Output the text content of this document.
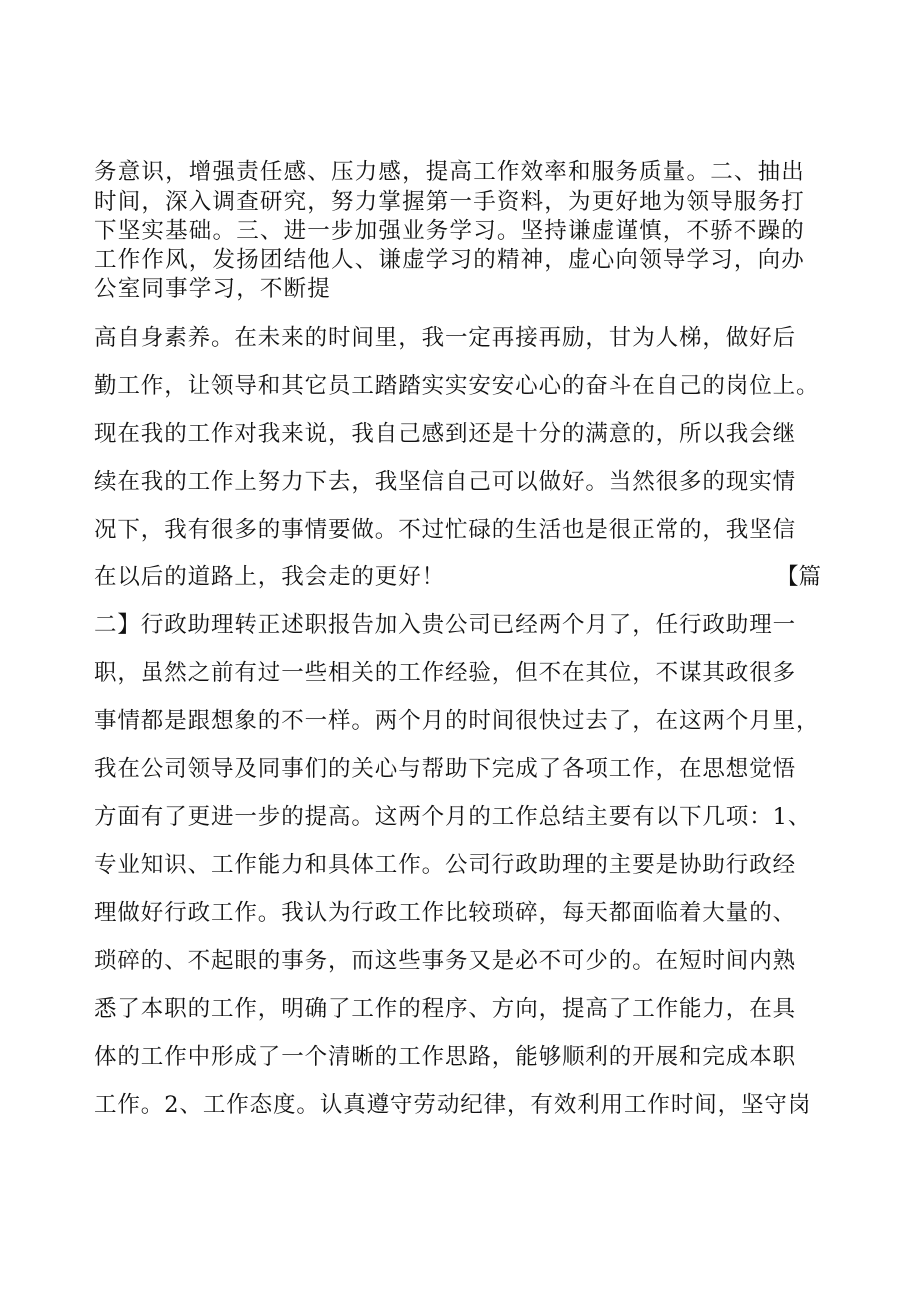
务意识，增强责任感、压力感，提高工作效率和服务质量。二、抽出
时间，深入调查研究，努力掌握第一手资料，为更好地为领导服务打
下坚实基础。三、进一步加强业务学习。坚持谦虚谨慎，不骄不躁的
工作作风，发扬团结他人、谦虚学习的精神，虚心向领导学习，向办
公室同事学习，不断提
高自身素养。在未来的时间里，我一定再接再励，甘为人梯，做好后
勤工作，让领导和其它员工踏踏实实安安心心的奋斗在自己的岗位上。
现在我的工作对我来说，我自己感到还是十分的满意的，所以我会继
续在我的工作上努力下去，我坚信自己可以做好。当然很多的现实情
况下，我有很多的事情要做。不过忙碌的生活也是很正常的，我坚信
在以后的道路上，我会走的更好！	【篇
二】行政助理转正述职报告加入贵公司已经两个月了，任行政助理一
职，虽然之前有过一些相关的工作经验，但不在其位，不谋其政很多
事情都是跟想象的不一样。两个月的时间很快过去了，在这两个月里，
我在公司领导及同事们的关心与帮助下完成了各项工作，在思想觉悟
方面有了更进一步的提高。这两个月的工作总结主要有以下几项：1、
专业知识、工作能力和具体工作。公司行政助理的主要是协助行政经
理做好行政工作。我认为行政工作比较琐碎，每天都面临着大量的、
琐碎的、不起眼的事务，而这些事务又是必不可少的。在短时间内熟
悉了本职的工作，明确了工作的程序、方向，提高了工作能力，在具
体的工作中形成了一个清晰的工作思路，能够顺利的开展和完成本职
工作。2、工作态度。认真遵守劳动纪律，有效利用工作时间，坚守岗
